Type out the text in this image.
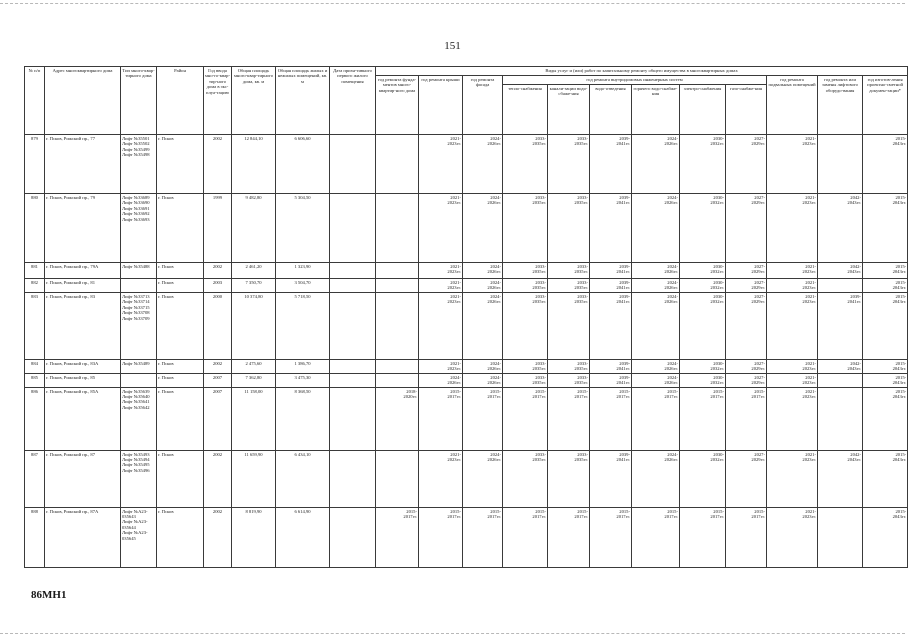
151
№ п/п	Адрес многоквартирного дома	Тип много-квар-тирного дома	Район	Год ввода мно-го-квар-тир-ного дома в экс-плуа-тацию	Общая площадь много-квар-тирного дома, кв. м	Общая площадь жилых и нежилых помещений, кв. м	Дата призн-тивного первого жилого помещения	Виды услуг и (или) работ по капитальному ремонту общего имущества в многоквартирных домах											
								год ремонта фунда-ментов много-квартир-ного дома	год ремонта крыши	год ремонта фасада	год ремонта внутридомовых инженерных систем						год ремонта подвальных помещений	год ремонта или замены лифтового оборудо-вания	год изготов-ления проектно-сметной докумен-тации*
											тепло-снабжения	канали-зации водо-сбаже-ния	водо-отведения	горячего водо-снабже-ния	электро-снабжения	газо-снабже-ния			

879	г. Псков, Рижский пр., 77	Лифт №35501
Лифт №35502
Лифт №35499
Лифт №35498	г. Псков	2002	12 844,10	6 606,60			2021-
2023гг.	2024-
2026гг.	2033-
2035гг.	2033-
2035гг.	2039-
2041гг.	2024-
2026гг.	2030-
2032гг.	2027-
2029гг.	2021-
2023гг.		2015-
2043гг.

880	г. Псков, Рижский пр., 79	Лифт №33689
Лифт №33690
Лифт №33691
Лифт №33692
Лифт №33693	г. Псков	1999	9 482,80	5 304,50			2021-
2023гг.	2024-
2026гг.	2033-
2035гг.	2033-
2035гг.	2039-
2041гг.	2024-
2026гг.	2030-
2032гг.	2027-
2029гг.	2021-
2023гг.	2042-
2043гг.	2015-
2043гг.

881	г. Псков, Рижский пр., 79А	Лифт №35488	г. Псков	2002	2 461,20	1 323,90			2021-
2023гг.	2024-
2026гг.	2033-
2035гг.	2033-
2035гг.	2039-
2041гг.	2024-
2026гг.	2030-
2032гг.	2027-
2029гг.	2021-
2023гг.	2042-
2043гг.	2015-
2043гг.

882	г. Псков, Рижский пр., 81		г. Псков	2003	7 350,70	3 504,70			2021-
2023гг.	2024-
2026гг.	2033-
2035гг.	2033-
2035гг.	2039-
2041гг.	2024-
2026гг.	2030-
2032гг.	2027-
2029гг.	2021-
2023гг.		2015-
2043гг.

883	г. Псков, Рижский пр., 83	Лифт №33713
Лифт №33714
Лифт №33715
Лифт №33708
Лифт №33709	г. Псков	2000	10 374,80	5 718,50			2021-
2023гг.	2024-
2026гг.	2033-
2035гг.	2033-
2035гг.	2039-
2041гг.	2024-
2026гг.	2030-
2032гг.	2027-
2029гг.	2021-
2023гг.	2039-
2041гг.	2015-
2043гг.

884	г. Псков, Рижский пр., 83А	Лифт №35489	г. Псков	2002	2 475,60	1 386,70			2021-
2023гг.	2024-
2026гг.	2033-
2035гг.	2033-
2035гг.	2039-
2041гг.	2024-
2026гг.	2030-
2032гг.	2027-
2029гг.	2021-
2023гг.	2042-
2043гг.	2015-
2043гг.

885	г. Псков, Рижский пр., 85		г. Псков	2007	7 362,80	3 475,30			2024-
2026гг.	2024-
2026гг.	2033-
2035гг.	2033-
2035гг.	2039-
2041гг.	2024-
2026гг.	2030-
2032гг.	2027-
2029гг.	2021-
2023гг.		2015-
2043гг.

886	г. Псков, Рижский пр., 85А	Лифт №35639
Лифт №35640
Лифт №35641
Лифт №35642	г. Псков	2007	11 158,00	8 368,50		2018-
2020гг.	2015-
2017гг.	2015-
2017гг.	2015-
2017гг.	2015-
2017гг.	2015-
2017гг.	2015-
2017гг.	2015-
2017гг.	2015-
2017гг.	2021-
2023гг.		2015-
2043гг.

887	г. Псков, Рижский пр., 87	Лифт №35493
Лифт №35494
Лифт №35495
Лифт №35496	г. Псков	2002	11 659,90	6 434,10			2021-
2023гг.	2024-
2026гг.	2033-
2035гг.	2033-
2035гг.	2039-
2041гг.	2024-
2026гг.	2030-
2032гг.	2027-
2029гг.	2021-
2023гг.	2042-
2043гг.	2015-
2043гг.

888	г. Псков, Рижский пр., 87А	Лифт №А23-035643
Лифт №А23-035644
Лифт №А23-035645	г. Псков	2002	8 819,90	6 614,90		2015-
2017гг.	2015-
2017гг.	2015-
2017гг.	2015-
2017гг.	2015-
2017гг.	2015-
2017гг.	2015-
2017гг.	2015-
2017гг.	2015-
2017гг.	2021-
2023гг.		2015-
2043гг.
86МН1
